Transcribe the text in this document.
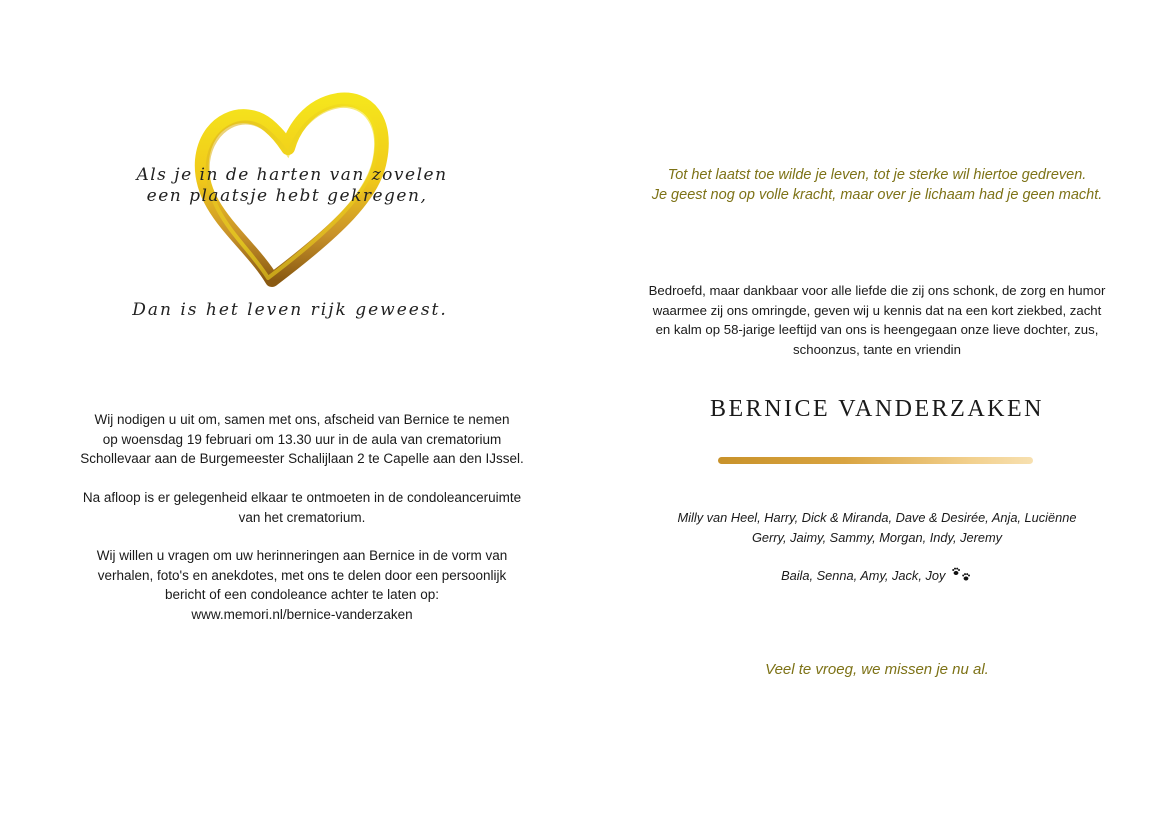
Als je in de harten van zovelen
een plaatsje hebt gekregen,
Dan is het leven rijk geweest.
Wij nodigen u uit om, samen met ons, afscheid van Bernice te nemen
op woensdag 19 februari om 13.30 uur in de aula van crematorium
Schollevaar aan de Burgemeester Schalijlaan 2 te Capelle aan den IJssel.
Na afloop is er gelegenheid elkaar te ontmoeten in de condoleanceruimte
van het crematorium.
Wij willen u vragen om uw herinneringen aan Bernice in de vorm van
verhalen, foto's en anekdotes, met ons te delen door een persoonlijk
bericht of een condoleance achter te laten op:
www.memori.nl/bernice-vanderzaken
Tot het laatst toe wilde je leven, tot je sterke wil hiertoe gedreven.
Je geest nog op volle kracht, maar over je lichaam had je geen macht.
Bedroefd, maar dankbaar voor alle liefde die zij ons schonk, de zorg en humor
waarmee zij ons omringde, geven wij u kennis dat na een kort ziekbed, zacht
en kalm op 58-jarige leeftijd van ons is heengegaan onze lieve dochter, zus,
schoonzus, tante en vriendin
BERNICE VANDERZAKEN
Milly van Heel, Harry, Dick & Miranda, Dave & Desirée, Anja, Luciënne
Gerry, Jaimy, Sammy, Morgan, Indy, Jeremy
Baila, Senna, Amy, Jack, Joy
Veel te vroeg, we missen je nu al.
